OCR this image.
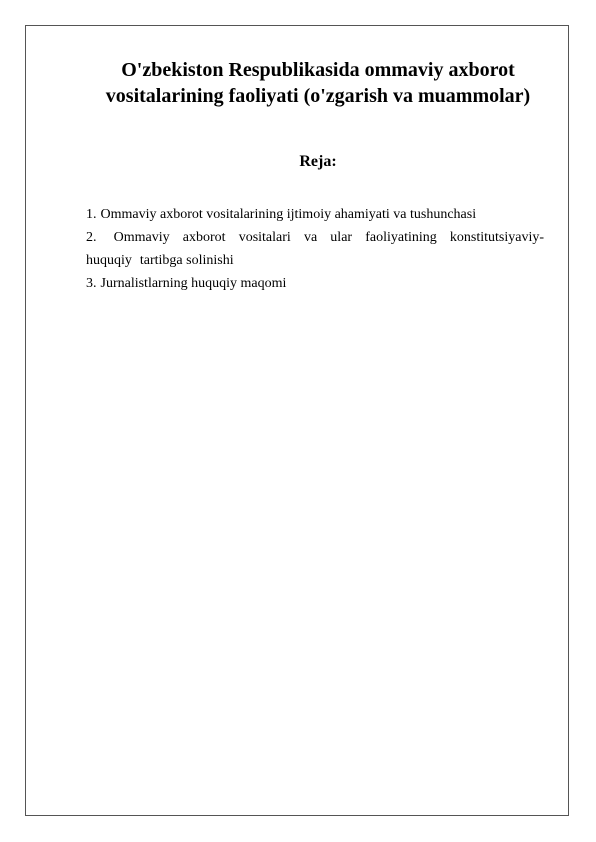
O'zbekiston Respublikasida ommaviy axborot
vositalarining faoliyati (o'zgarish va muammolar)
Reja:
1. Ommaviy axborot vositalarining ijtimoiy ahamiyati va tushunchasi
2. Ommaviy axborot vositalari va ular faoliyatining konstitutsiyaviy-
huquqiy tartibga solinishi
3. Jurnalistlarning huquqiy maqomi
